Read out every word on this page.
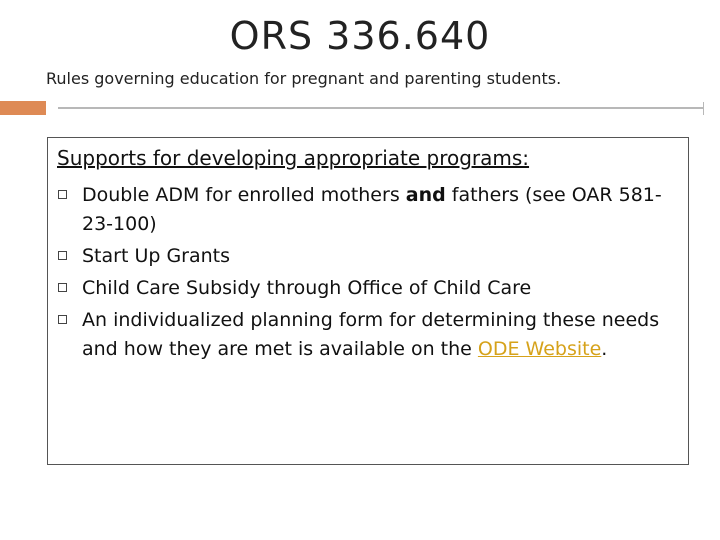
ORS 336.640

Rules governing education for pregnant and parenting students.

Supports for developing appropriate programs:
Double ADM for enrolled mothers and fathers (see OAR 581-23-100)
Start Up Grants
Child Care Subsidy through Office of Child Care
An individualized planning form for determining these needs and how they are met is available on the ODE Website.
